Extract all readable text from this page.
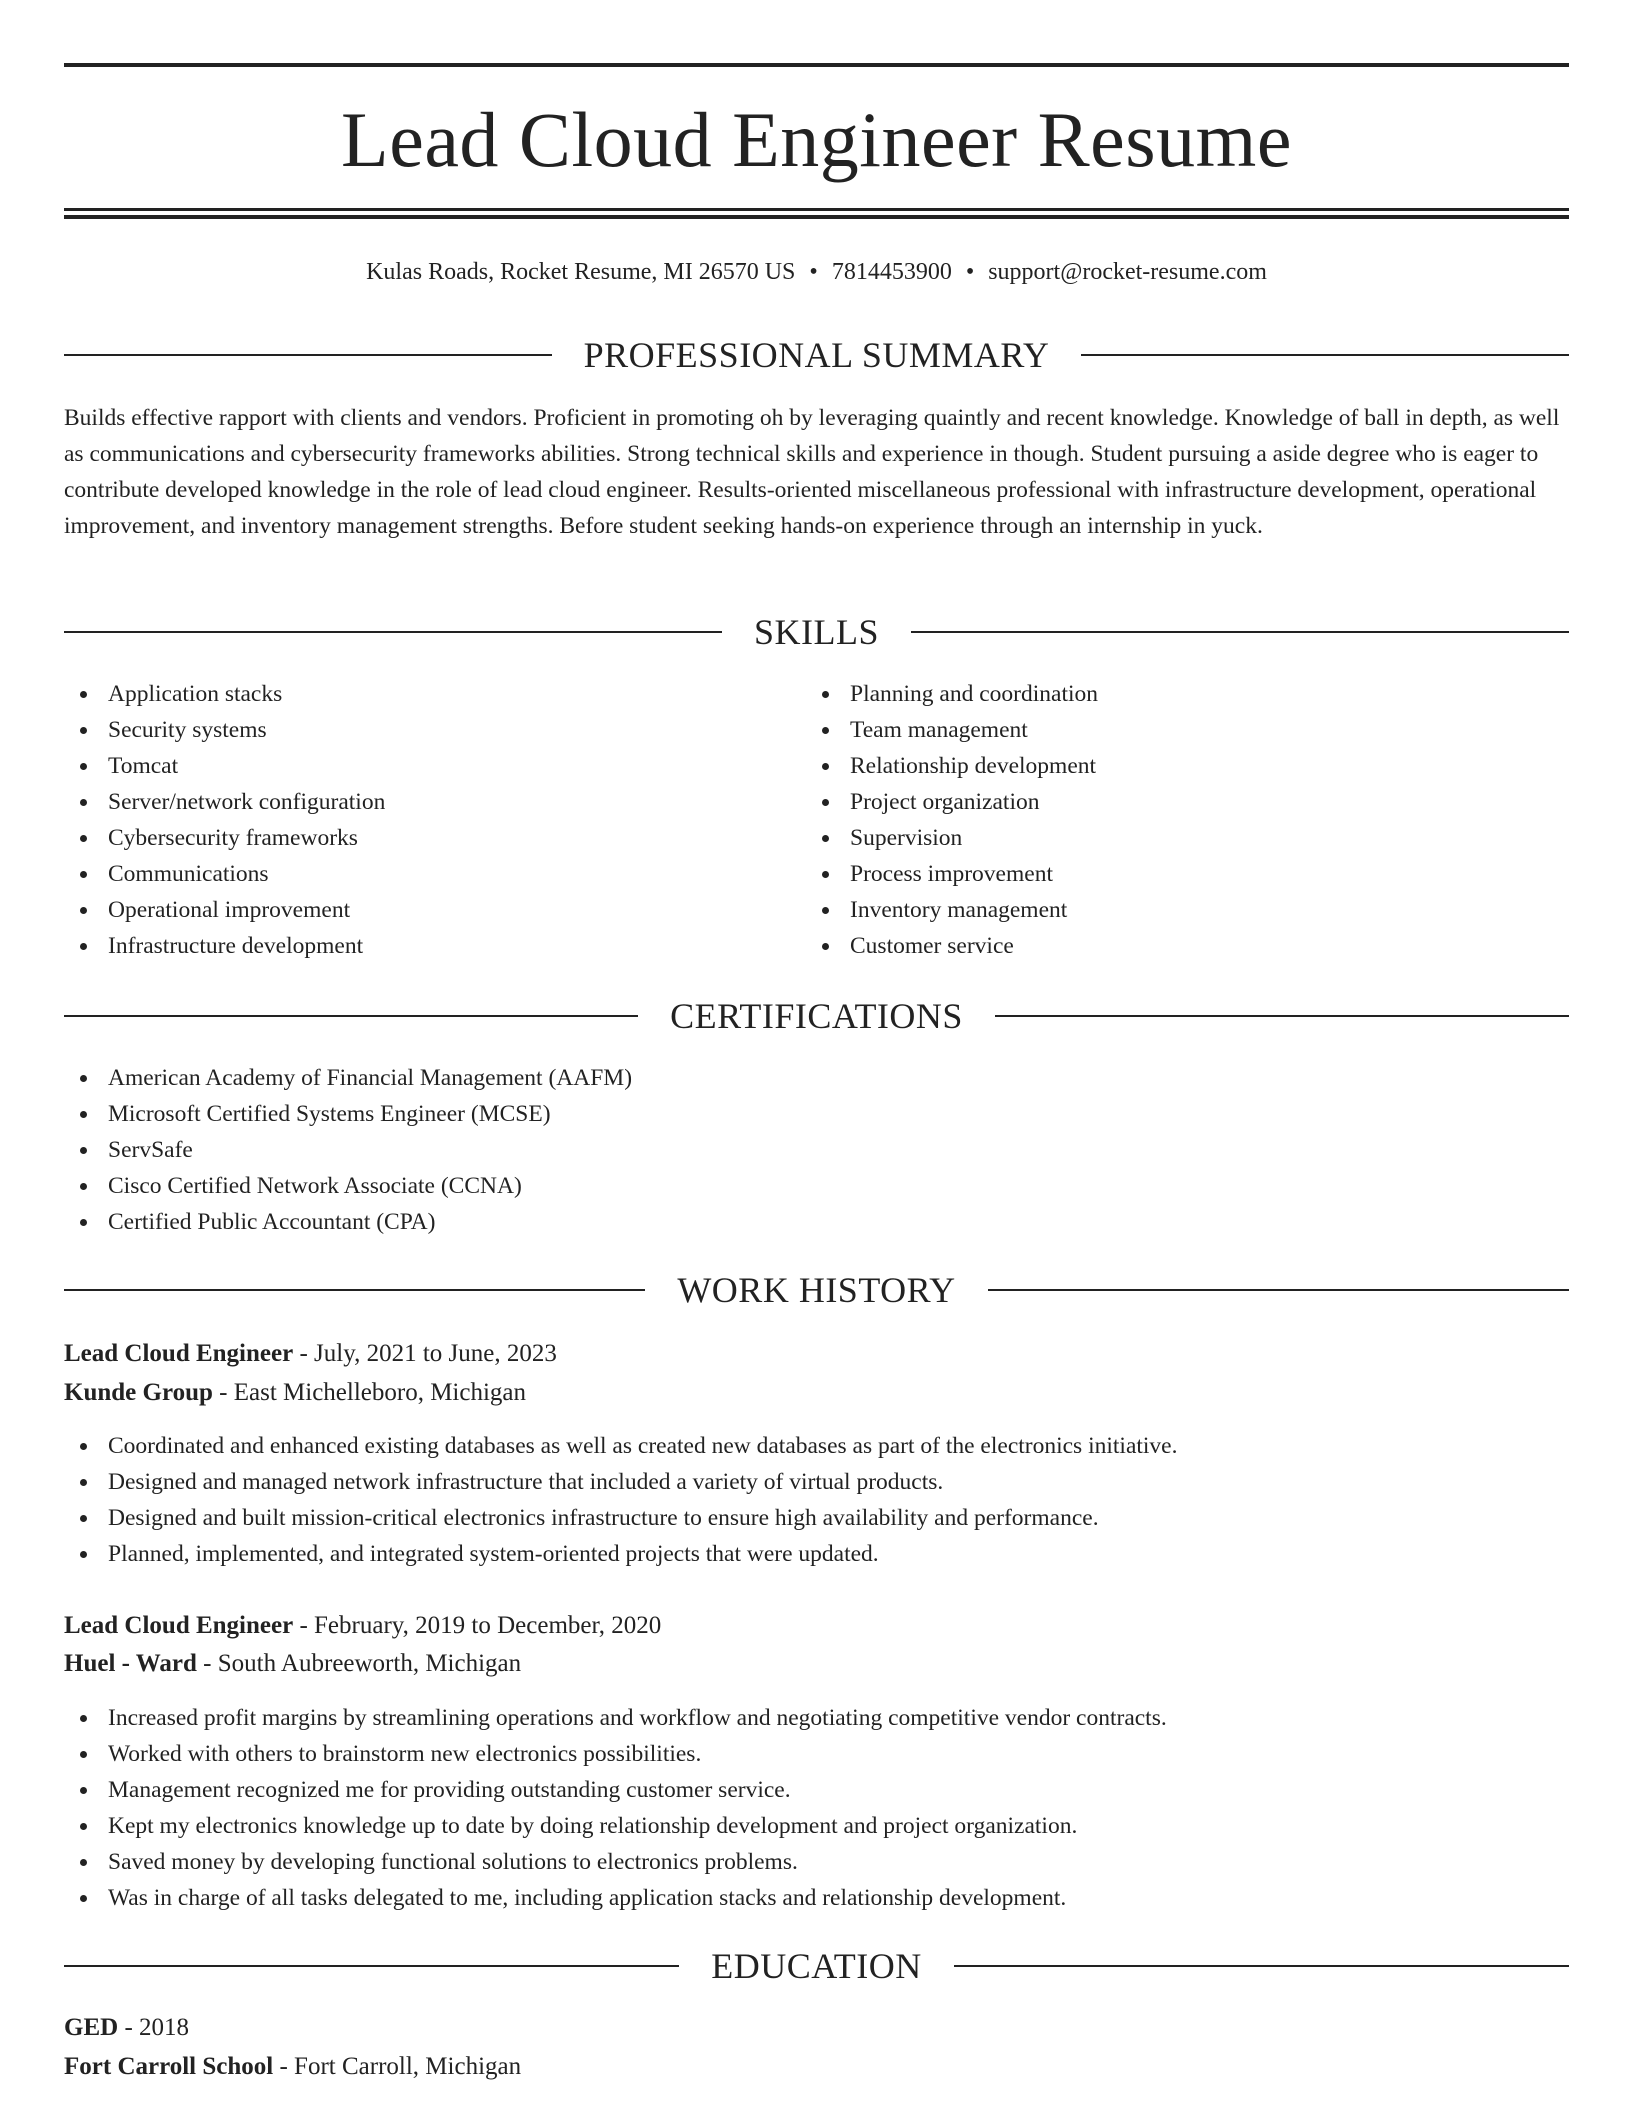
Lead Cloud Engineer Resume
Kulas Roads, Rocket Resume, MI 26570 US • 7814453900 • support@rocket-resume.com
PROFESSIONAL SUMMARY

Builds effective rapport with clients and vendors. Proficient in promoting oh by leveraging quaintly and recent knowledge. Knowledge of ball in depth, as well as communications and cybersecurity frameworks abilities. Strong technical skills and experience in though. Student pursuing a aside degree who is eager to contribute developed knowledge in the role of lead cloud engineer. Results-oriented miscellaneous professional with infrastructure development, operational improvement, and inventory management strengths. Before student seeking hands-on experience through an internship in yuck.

SKILLS
Application stacks
Security systems
Tomcat
Server/network configuration
Cybersecurity frameworks
Communications
Operational improvement
Infrastructure development
Planning and coordination
Team management
Relationship development
Project organization
Supervision
Process improvement
Inventory management
Customer service
CERTIFICATIONS
American Academy of Financial Management (AAFM)
Microsoft Certified Systems Engineer (MCSE)
ServSafe
Cisco Certified Network Associate (CCNA)
Certified Public Accountant (CPA)
WORK HISTORY
Lead Cloud Engineer - July, 2021 to June, 2023
Kunde Group - East Michelleboro, Michigan
Coordinated and enhanced existing databases as well as created new databases as part of the electronics initiative.
Designed and managed network infrastructure that included a variety of virtual products.
Designed and built mission-critical electronics infrastructure to ensure high availability and performance.
Planned, implemented, and integrated system-oriented projects that were updated.
Lead Cloud Engineer - February, 2019 to December, 2020
Huel - Ward - South Aubreeworth, Michigan
Increased profit margins by streamlining operations and workflow and negotiating competitive vendor contracts.
Worked with others to brainstorm new electronics possibilities.
Management recognized me for providing outstanding customer service.
Kept my electronics knowledge up to date by doing relationship development and project organization.
Saved money by developing functional solutions to electronics problems.
Was in charge of all tasks delegated to me, including application stacks and relationship development.
EDUCATION
GED - 2018
Fort Carroll School - Fort Carroll, Michigan
